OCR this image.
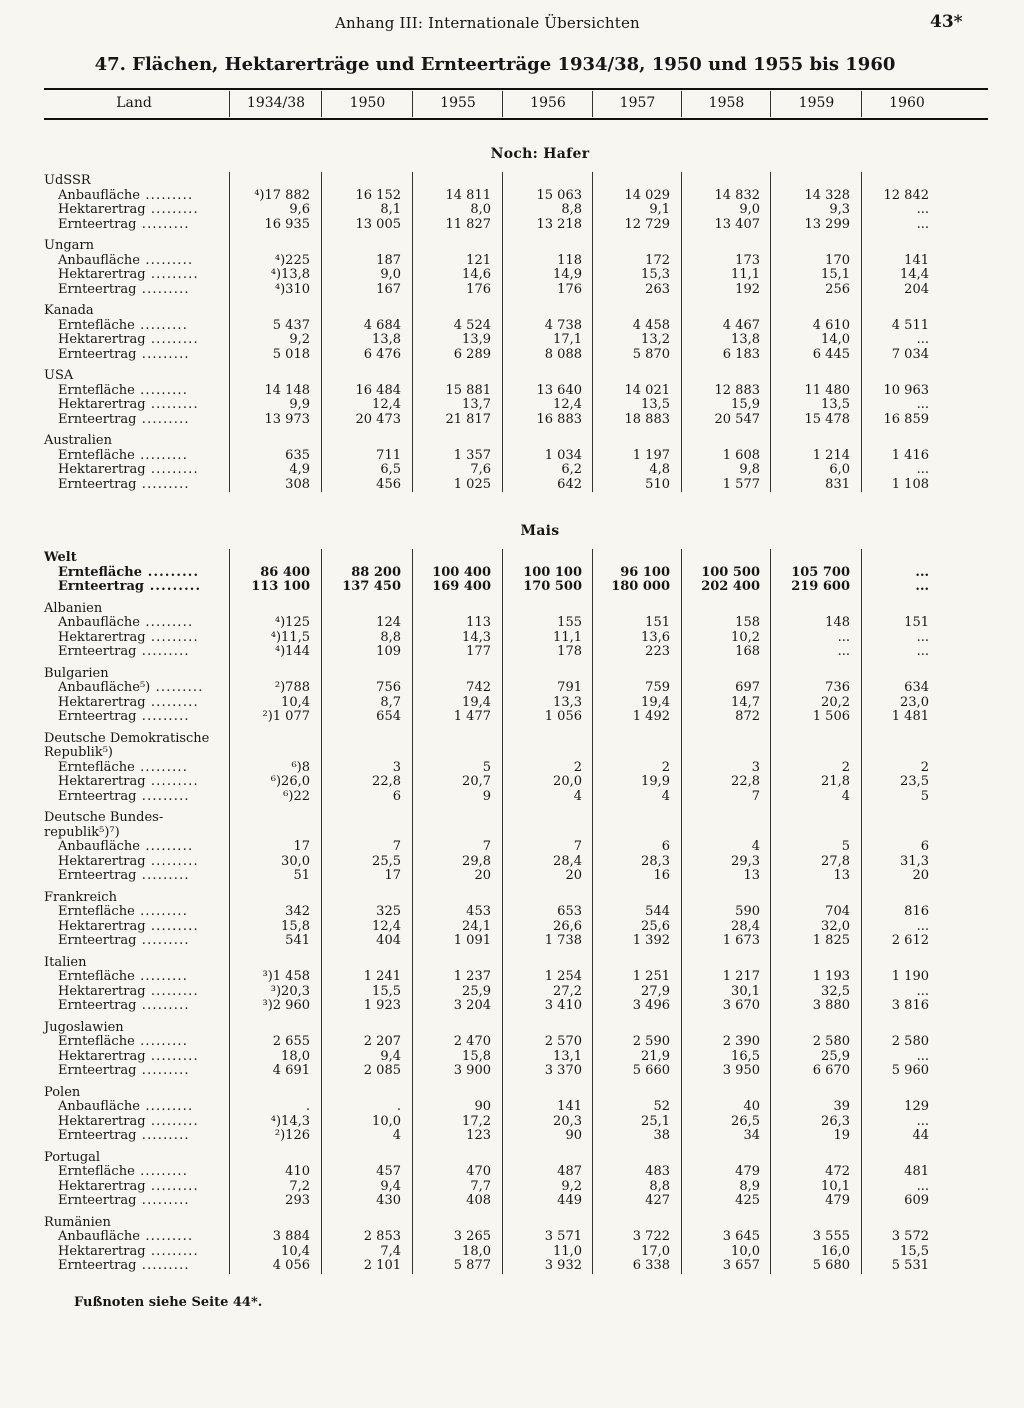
Anhang III: Internationale Übersichten	43*
47. Flächen, Hektarerträge und Ernteerträge 1934/38, 1950 und 1955 bis 1960
Land	1934/38	1950	1955	1956	1957	1958	1959	1960
Noch: Hafer
UdSSR
Anbaufläche .....	⁴)17 882	16 152	14 811	15 063	14 029	14 832	14 328	12 842
Hektarertrag .....	9,6	8,1	8,0	8,8	9,1	9,0	9,3	...
Ernteertrag .....	16 935	13 005	11 827	13 218	12 729	13 407	13 299	...
Ungarn
Anbaufläche .....	⁴)225	187	121	118	172	173	170	141
Hektarertrag .....	⁴)13,8	9,0	14,6	14,9	15,3	11,1	15,1	14,4
Ernteertrag .....	⁴)310	167	176	176	263	192	256	204
Kanada
Erntefläche .....	5 437	4 684	4 524	4 738	4 458	4 467	4 610	4 511
Hektarertrag .....	9,2	13,8	13,9	17,1	13,2	13,8	14,0	...
Ernteertrag .....	5 018	6 476	6 289	8 088	5 870	6 183	6 445	7 034
USA
Erntefläche .....	14 148	16 484	15 881	13 640	14 021	12 883	11 480	10 963
Hektarertrag .....	9,9	12,4	13,7	12,4	13,5	15,9	13,5	...
Ernteertrag .....	13 973	20 473	21 817	16 883	18 883	20 547	15 478	16 859
Australien
Erntefläche .....	635	711	1 357	1 034	1 197	1 608	1 214	1 416
Hektarertrag .....	4,9	6,5	7,6	6,2	4,8	9,8	6,0	...
Ernteertrag .....	308	456	1 025	642	510	1 577	831	1 108
Mais
Welt
Erntefläche .....	86 400	88 200	100 400	100 100	96 100	100 500	105 700	...
Ernteertrag .....	113 100	137 450	169 400	170 500	180 000	202 400	219 600	...
Albanien
Anbaufläche .....	⁴)125	124	113	155	151	158	148	151
Hektarertrag .....	⁴)11,5	8,8	14,3	11,1	13,6	10,2	...	...
Ernteertrag .....	⁴)144	109	177	178	223	168	...	...
Bulgarien
Anbaufläche⁵) .....	²)788	756	742	791	759	697	736	634
Hektarertrag .....	10,4	8,7	19,4	13,3	19,4	14,7	20,2	23,0
Ernteertrag .....	²)1 077	654	1 477	1 056	1 492	872	1 506	1 481
Deutsche Demokratische
Republik⁵)
Erntefläche .....	⁶)8	3	5	2	2	3	2	2
Hektarertrag .....	⁶)26,0	22,8	20,7	20,0	19,9	22,8	21,8	23,5
Ernteertrag .....	⁶)22	6	9	4	4	7	4	5
Deutsche Bundes-
republik⁵)⁷)
Anbaufläche .....	17	7	7	7	6	4	5	6
Hektarertrag .....	30,0	25,5	29,8	28,4	28,3	29,3	27,8	31,3
Ernteertrag .....	51	17	20	20	16	13	13	20
Frankreich
Erntefläche .....	342	325	453	653	544	590	704	816
Hektarertrag .....	15,8	12,4	24,1	26,6	25,6	28,4	32,0	...
Ernteertrag .....	541	404	1 091	1 738	1 392	1 673	1 825	2 612
Italien
Erntefläche .....	³)1 458	1 241	1 237	1 254	1 251	1 217	1 193	1 190
Hektarertrag .....	³)20,3	15,5	25,9	27,2	27,9	30,1	32,5	...
Ernteertrag .....	³)2 960	1 923	3 204	3 410	3 496	3 670	3 880	3 816
Jugoslawien
Erntefläche .....	2 655	2 207	2 470	2 570	2 590	2 390	2 580	2 580
Hektarertrag .....	18,0	9,4	15,8	13,1	21,9	16,5	25,9	...
Ernteertrag .....	4 691	2 085	3 900	3 370	5 660	3 950	6 670	5 960
Polen
Anbaufläche .....	.	.	90	141	52	40	39	129
Hektarertrag .....	⁴)14,3	10,0	17,2	20,3	25,1	26,5	26,3	...
Ernteertrag .....	²)126	4	123	90	38	34	19	44
Portugal
Erntefläche .....	410	457	470	487	483	479	472	481
Hektarertrag .....	7,2	9,4	7,7	9,2	8,8	8,9	10,1	...
Ernteertrag .....	293	430	408	449	427	425	479	609
Rumänien
Anbaufläche .....	3 884	2 853	3 265	3 571	3 722	3 645	3 555	3 572
Hektarertrag .....	10,4	7,4	18,0	11,0	17,0	10,0	16,0	15,5
Ernteertrag .....	4 056	2 101	5 877	3 932	6 338	3 657	5 680	5 531
Fußnoten siehe Seite 44*.
